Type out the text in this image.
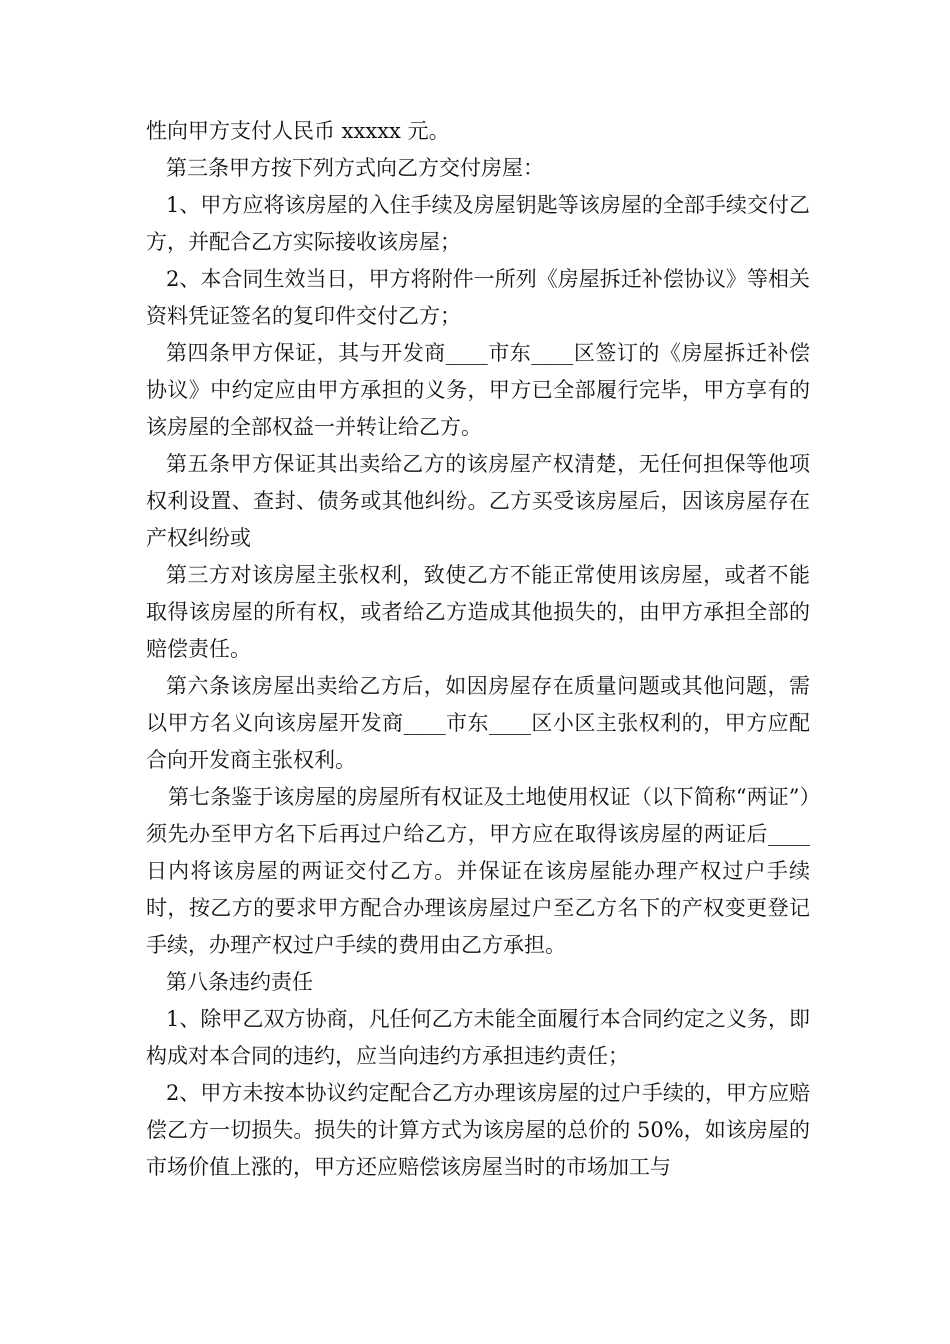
性向甲方支付人民币 xxxxx 元。

第三条甲方按下列方式向乙方交付房屋：

1、甲方应将该房屋的入住手续及房屋钥匙等该房屋的全部手续交付乙方，并配合乙方实际接收该房屋；

2、本合同生效当日，甲方将附件一所列《房屋拆迁补偿协议》等相关资料凭证签名的复印件交付乙方；

第四条甲方保证，其与开发商____市东____区签订的《房屋拆迁补偿协议》中约定应由甲方承担的义务，甲方已全部履行完毕，甲方享有的该房屋的全部权益一并转让给乙方。

第五条甲方保证其出卖给乙方的该房屋产权清楚，无任何担保等他项权利设置、查封、债务或其他纠纷。乙方买受该房屋后，因该房屋存在产权纠纷或

第三方对该房屋主张权利，致使乙方不能正常使用该房屋，或者不能取得该房屋的所有权，或者给乙方造成其他损失的，由甲方承担全部的赔偿责任。

第六条该房屋出卖给乙方后，如因房屋存在质量问题或其他问题，需以甲方名义向该房屋开发商____市东____区小区主张权利的，甲方应配合向开发商主张权利。

第七条鉴于该房屋的房屋所有权证及土地使用权证（以下简称“两证”）须先办至甲方名下后再过户给乙方，甲方应在取得该房屋的两证后____日内将该房屋的两证交付乙方。并保证在该房屋能办理产权过户手续时，按乙方的要求甲方配合办理该房屋过户至乙方名下的产权变更登记手续，办理产权过户手续的费用由乙方承担。

第八条违约责任

1、除甲乙双方协商，凡任何乙方未能全面履行本合同约定之义务，即构成对本合同的违约，应当向违约方承担违约责任；

2、甲方未按本协议约定配合乙方办理该房屋的过户手续的，甲方应赔偿乙方一切损失。损失的计算方式为该房屋的总价的 50%，如该房屋的市场价值上涨的，甲方还应赔偿该房屋当时的市场加工与
